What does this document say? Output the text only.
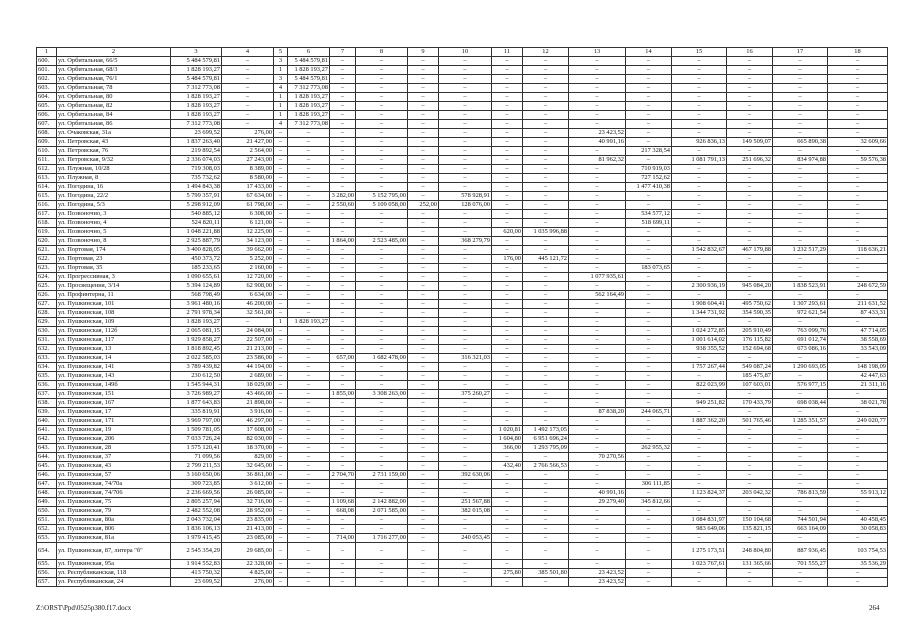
1	2	3	4	5	6	7	8	9	10	11	12	13	14	15	16	17	18
600.	ул. Орбитальная, 66/5	5 484 579,81	–	3	5 484 579,81	–	–	–	–	–	–	–	–	–	–	–	–
601.	ул. Орбитальная, 68/3	1 828 193,27	–	1	1 828 193,27	–	–	–	–	–	–	–	–	–	–	–	–
602.	ул. Орбитальная, 76/1	5 484 579,81	–	3	5 484 579,81	–	–	–	–	–	–	–	–	–	–	–	–
603.	ул. Орбитальная, 78	7 312 773,08	–	4	7 312 773,08	–	–	–	–	–	–	–	–	–	–	–	–
604.	ул. Орбитальная, 80	1 828 193,27	–	1	1 828 193,27	–	–	–	–	–	–	–	–	–	–	–	–
605.	ул. Орбитальная, 82	1 828 193,27	–	1	1 828 193,27	–	–	–	–	–	–	–	–	–	–	–	–
606.	ул. Орбитальная, 84	1 828 193,27	–	1	1 828 193,27	–	–	–	–	–	–	–	–	–	–	–	–
607.	ул. Орбитальная, 86	7 312 773,08	–	4	7 312 773,08	–	–	–	–	–	–	–	–	–	–	–	–
608.	ул. Очаковская, 31а	23 699,52	276,00	–	–	–	–	–	–	–	–	23 423,52	–	–	–	–	–
609.	ул. Петровская, 43	1 837 263,40	21 427,00	–	–	–	–	–	–	–	–	40 991,16	–	926 836,13	149 509,07	665 890,38	32 609,66
610.	ул. Петровская, 76	219 892,54	2 564,00	–	–	–	–	–	–	–	–	–	217 328,54	–	–	–	–
611.	ул. Петровская, 9/32	2 336 074,03	27 243,00	–	–	–	–	–	–	–	–	81 962,32	–	1 081 791,13	251 696,32	834 974,88	59 576,38
612.	ул. Плужная, 10/28	719 308,03	8 389,00	–	–	–	–	–	–	–	–	–	710 919,03	–	–	–	–
613.	ул. Плужная, 8	735 732,62	8 580,00	–	–	–	–	–	–	–	–	–	727 152,62	–	–	–	–
614.	ул. Погодина, 16	1 494 843,38	17 433,00	–	–	–	–	–	–	–	–	–	1 477 410,38	–	–	–	–
615.	ул. Погодина, 22/2	5 799 357,91	67 634,00	–	–	3 282,00	5 152 795,00	–	578 928,91	–	–	–	–	–	–	–	–
616.	ул. Погодина, 5/3	5 298 912,09	61 798,00	–	–	2 550,60	5 109 058,00	252,00	128 076,00	–	–	–	–	–	–	–	–
617.	ул. Позвоночно, 3	540 885,12	6 308,00	–	–	–	–	–	–	–	–	–	534 577,12	–	–	–	–
618.	ул. Позвоночно, 4	524 820,11	6 121,00	–	–	–	–	–	–	–	–	–	518 699,11	–	–	–	–
619.	ул. Позвоночно, 5	1 048 221,88	12 225,00	–	–	–	–	–	–	620,00	1 035 996,88	–	–	–	–	–	–
620.	ул. Позвоночно, 8	2 925 887,79	34 123,00	–	–	1 864,00	2 523 485,00	–	368 279,79	–	–	–	–	–	–	–	–
621.	ул. Портовая, 174	3 400 828,05	39 662,00	–	–	–	–	–	–	–	–	–	–	1 542 832,67	467 179,88	1 232 517,29	118 636,21
622.	ул. Портовая, 23	450 373,72	5 252,00	–	–	–	–	–	–	176,00	445 121,72	–	–	–	–	–	–
623.	ул. Портовая, 35	185 233,65	2 160,00	–	–	–	–	–	–	–	–	–	183 073,65	–	–	–	–
624.	ул. Прогрессивная, 3	1 090 655,61	12 720,00	–	–	–	–	–	–	–	–	1 077 935,61	–	–	–	–	–
625.	ул. Просвещения, 3/14	5 394 124,89	62 908,00	–	–	–	–	–	–	–	–	–	–	2 300 936,19	945 084,20	1 838 523,91	248 672,59
626.	ул. Профинтерна, 11	568 798,49	6 634,00	–	–	–	–	–	–	–	–	562 164,49	–	–	–	–	–
627.	ул. Пушкинская, 101	3 961 480,16	46 200,00	–	–	–	–	–	–	–	–	–	–	1 908 604,41	495 750,62	1 307 293,61	211 631,52
628.	ул. Пушкинская, 108	2 791 978,34	32 561,00	–	–	–	–	–	–	–	–	–	–	1 344 731,92	354 590,35	972 621,54	87 433,31
629.	ул. Пушкинская, 109	1 828 193,27	–	1	1 828 193,27	–	–	–	–	–	–	–	–	–	–	–	–
630.	ул. Пушкинская, 112б	2 065 081,15	24 084,00	–	–	–	–	–	–	–	–	–	–	1 024 272,85	205 910,49	763 099,76	47 714,05
631.	ул. Пушкинская, 117	1 929 858,27	22 507,00	–	–	–	–	–	–	–	–	–	–	1 001 614,02	176 115,82	691 012,74	38 558,69
632.	ул. Пушкинская, 13	1 818 892,45	21 213,00	–	–	–	–	–	–	–	–	–	–	938 355,52	152 694,68	673 086,16	33 543,09
633.	ул. Пушкинская, 14	2 022 585,03	23 586,00	–	–	657,00	1 682 478,00	–	316 321,03	–	–	–	–	–	–	–	–
634.	ул. Пушкинская, 141	3 789 439,82	44 194,00	–	–	–	–	–	–	–	–	–	–	1 757 267,44	549 087,24	1 290 693,05	148 198,09
635.	ул. Пушкинская, 143	230 612,50	2 689,00	–	–	–	–	–	–	–	–	–	–	–	185 475,87	–	42 447,63
636.	ул. Пушкинская, 149б	1 545 944,31	18 029,00	–	–	–	–	–	–	–	–	–	–	822 023,99	107 603,01	576 977,15	21 311,16
637.	ул. Пушкинская, 151	3 726 989,27	43 466,00	–	–	1 855,00	3 308 263,00	–	375 260,27	–	–	–	–	–	–	–	–
638.	ул. Пушкинская, 167	1 877 643,83	21 898,00	–	–	–	–	–	–	–	–	–	–	949 251,82	170 433,79	698 038,44	38 021,78
639.	ул. Пушкинская, 17	335 819,91	3 916,00	–	–	–	–	–	–	–	–	87 838,20	244 065,71	–	–	–	–
640.	ул. Пушкинская, 171	3 969 797,00	46 297,00	–	–	–	–	–	–	–	–	–	–	1 887 362,20	501 765,46	1 285 351,57	249 020,77
641.	ул. Пушкинская, 19	1 509 781,05	17 608,00	–	–	–	–	–	–	1 020,81	1 492 173,05	–	–	–	–	–	–
642.	ул. Пушкинская, 206	7 033 726,24	82 030,00	–	–	–	–	–	–	1 604,80	6 951 696,24	–	–	–	–	–	–
643.	ул. Пушкинская, 28	1 575 120,41	18 370,00	–	–	–	–	–	–	366,00	1 293 795,09	–	262 955,32	–	–	–	–
644.	ул. Пушкинская, 37	71 099,56	829,00	–	–	–	–	–	–	–	–	70 270,56	–	–	–	–	–
645.	ул. Пушкинская, 43	2 799 211,53	32 645,00	–	–	–	–	–	–	432,40	2 766 566,53	–	–	–	–	–	–
646.	ул. Пушкинская, 57	3 160 650,06	36 861,00	–	–	2 704,70	2 731 159,00	–	392 630,06	–	–	–	–	–	–	–	–
647.	ул. Пушкинская, 74/70a	309 723,85	3 612,00	–	–	–	–	–	–	–	–	–	306 111,85	–	–	–	–
648.	ул. Пушкинская, 74/706	2 236 669,56	26 085,00	–	–	–	–	–	–	–	–	40 991,16	–	1 123 824,37	203 042,32	786 813,59	55 913,12
649.	ул. Пушкинская, 75	2 805 257,94	32 716,00	–	–	1 109,68	2 142 882,00	–	251 567,88	–	–	29 279,40	345 812,66	–	–	–	–
650.	ул. Пушкинская, 79	2 482 552,08	28 952,00	–	–	668,08	2 071 585,00	–	382 015,08	–	–	–	–	–	–	–	–
651.	ул. Пушкинская, 80a	2 043 732,04	23 835,00	–	–	–	–	–	–	–	–	–	–	1 084 831,97	150 104,68	744 501,94	40 458,45
652.	ул. Пушкинская, 806	1 836 106,13	21 413,00	–	–	–	–	–	–	–	–	–	–	983 649,06	135 821,15	663 164,09	30 058,83
653.	ул. Пушкинская, 81a	1 979 415,45	23 085,00	–	–	714,00	1 716 277,00	–	240 053,45	–	–	–	–	–	–	–	–
654.	ул. Пушкинская, 87, литера "б"	2 545 354,29	29 685,00	–	–	–	–	–	–	–	–	–	–	1 275 173,51	248 804,80	887 936,45	103 754,53
655.	ул. Пушкинская, 95а	1 914 552,83	22 328,00	–	–	–	–	–	–	–	–	–	–	1 023 767,61	131 365,66	701 555,27	35 536,29
656.	ул. Республиканская, 118	413 750,32	4 825,00	–	–	–	–	–	–	275,80	385 501,80	23 423,52	–	–	–	–	–
657.	ул. Республиканская, 24	23 699,52	276,00	–	–	–	–	–	–	–	–	23 423,52	–	–	–	–	–
Z:\ORST\Ppd\0525p380.f17.docx	264
